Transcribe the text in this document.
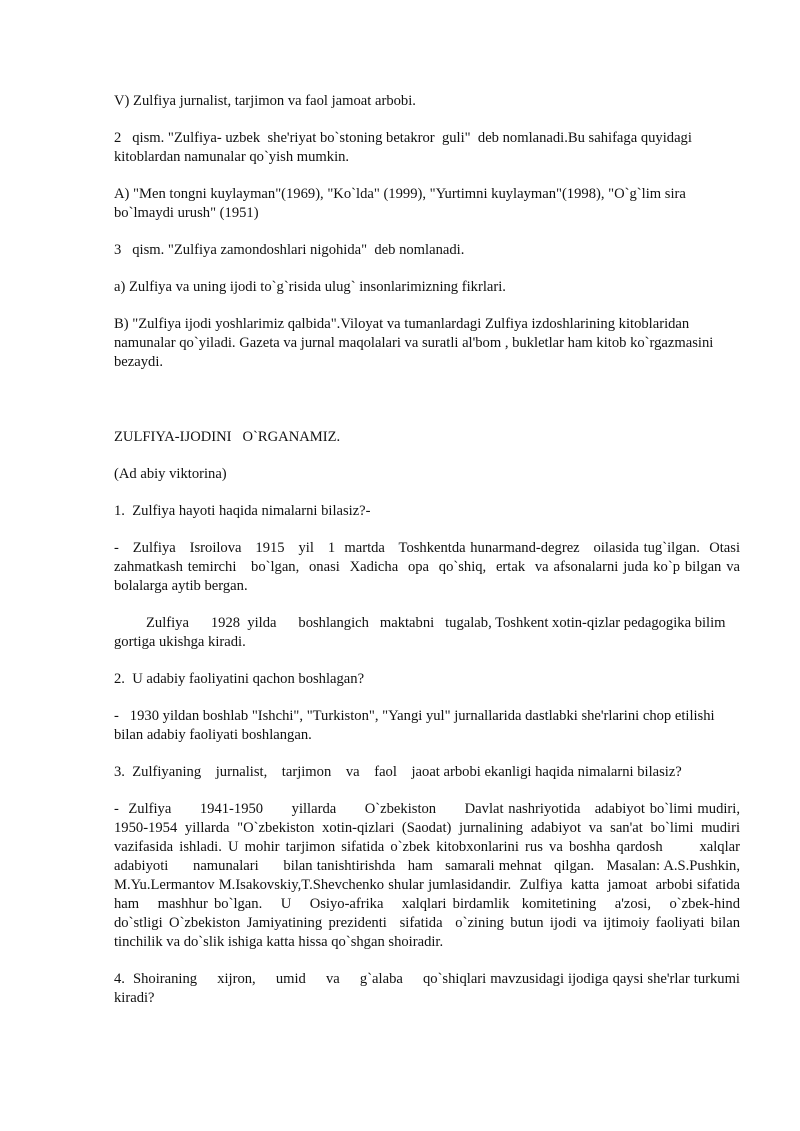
V) Zulfiya jurnalist, tarjimon va faol jamoat arbobi.

2   qism. "Zulfiya- uzbek  she'riyat bo`stoning betakror  guli"  deb nomlanadi.Bu sahifaga quyidagi kitoblardan namunalar qo`yish mumkin.

A) "Men tongni kuylayman"(1969), "Ko`lda" (1999), "Yurtimni kuylayman"(1998), "O`g`lim sira bo`lmaydi urush" (1951)

3   qism. "Zulfiya zamondoshlari nigohida"  deb nomlanadi.

a) Zulfiya va uning ijodi to`g`risida ulug` insonlarimizning fikrlari.

B) "Zulfiya ijodi yoshlarimiz qalbida".Viloyat va tumanlardagi Zulfiya izdoshlarining kitoblaridan namunalar qo`yiladi. Gazeta va jurnal maqolalari va suratli al'bom , bukletlar ham kitob ko`rgazmasini bezaydi.

ZULFIYA-IJODINI   O`RGANAMIZ.

(Ad abiy viktorina)

1.  Zulfiya hayoti haqida nimalarni bilasiz?-

-   Zulfiya   Isroilova   1915   yil   1  martda   Toshkentda hunarmand-degrez   oilasida tug`ilgan.  Otasi  zahmatkash temirchi   bo`lgan,  onasi  Xadicha  opa  qo`shiq,  ertak  va afsonalarni juda ko`p bilgan va bolalarga aytib bergan.

Zulfiya      1928  yilda      boshlangich   maktabni   tugalab, Toshkent xotin-qizlar pedagogika bilim gortiga ukishga kiradi.

2.  U adabiy faoliyatini qachon boshlagan?

-   1930 yildan boshlab "Ishchi", "Turkiston", "Yangi yul" jurnallarida dastlabki she'rlarini chop etilishi bilan adabiy faoliyati boshlangan.

3.  Zulfiyaning    jurnalist,    tarjimon    va    faol    jaoat arbobi ekanligi haqida nimalarni bilasiz?

-  Zulfiya      1941-1950      yillarda      O`zbekiston      Davlat nashriyotida   adabiyot bo`limi mudiri, 1950-1954 yillarda "O`zbekiston xotin-qizlari (Saodat) jurnalining adabiyot va san'at bo`limi mudiri vazifasida ishladi. U mohir tarjimon sifatida o`zbek kitobxonlarini rus va boshha qardosh      xalqlar      adabiyoti      namunalari      bilan tanishtirishda   ham   samarali mehnat   qilgan.   Masalan: A.S.Pushkin, M.Yu.Lermantov M.Isakovskiy,T.Shevchenko shular jumlasidandir.  Zulfiya  katta  jamoat  arbobi sifatida   ham   mashhur bo`lgan.   U   Osiyo-afrika   xalqlari birdamlik  komitetining   a'zosi,   o`zbek-hind   do`stligi O`zbekiston Jamiyatining prezidenti  sifatida  o`zining butun ijodi va ijtimoiy faoliyati bilan tinchilik va do`slik ishiga katta hissa qo`shgan shoiradir.

4.  Shoiraning     xijron,     umid     va     g`alaba     qo`shiqlari mavzusidagi ijodiga qaysi she'rlar turkumi kiradi?
